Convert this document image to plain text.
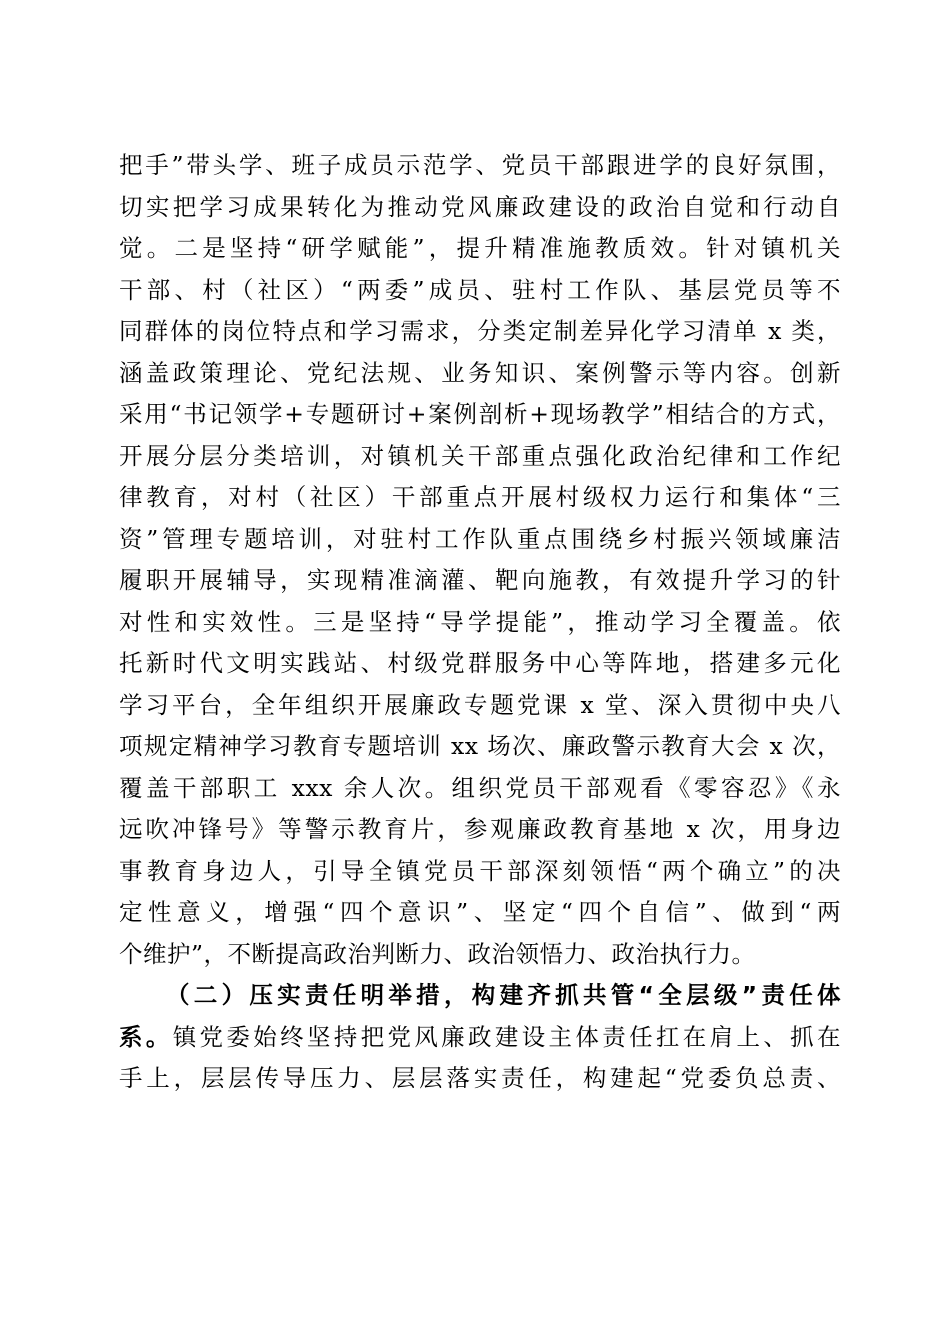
把手”带头学、班子成员示范学、党员干部跟进学的良好氛围，
切实把学习成果转化为推动党风廉政建设的政治自觉和行动自
觉。二是坚持“研学赋能”，提升精准施教质效。针对镇机关
干部、村（社区）“两委”成员、驻村工作队、基层党员等不
同群体的岗位特点和学习需求，分类定制差异化学习清单 x 类，
涵盖政策理论、党纪法规、业务知识、案例警示等内容。创新
采用“书记领学+专题研讨+案例剖析+现场教学”相结合的方式，
开展分层分类培训，对镇机关干部重点强化政治纪律和工作纪
律教育，对村（社区）干部重点开展村级权力运行和集体“三
资”管理专题培训，对驻村工作队重点围绕乡村振兴领域廉洁
履职开展辅导，实现精准滴灌、靶向施教，有效提升学习的针
对性和实效性。三是坚持“导学提能”，推动学习全覆盖。依
托新时代文明实践站、村级党群服务中心等阵地，搭建多元化
学习平台，全年组织开展廉政专题党课 x 堂、深入贯彻中央八
项规定精神学习教育专题培训 xx 场次、廉政警示教育大会 x 次，
覆盖干部职工 xxx 余人次。组织党员干部观看《零容忍》《永
远吹冲锋号》等警示教育片，参观廉政教育基地 x 次，用身边
事教育身边人，引导全镇党员干部深刻领悟“两个确立”的决
定性意义，增强“四个意识”、坚定“四个自信”、做到“两
个维护”，不断提高政治判断力、政治领悟力、政治执行力。
（二）压实责任明举措，构建齐抓共管“全层级”责任体
系。镇党委始终坚持把党风廉政建设主体责任扛在肩上、抓在
手上，层层传导压力、层层落实责任，构建起“党委负总责、
